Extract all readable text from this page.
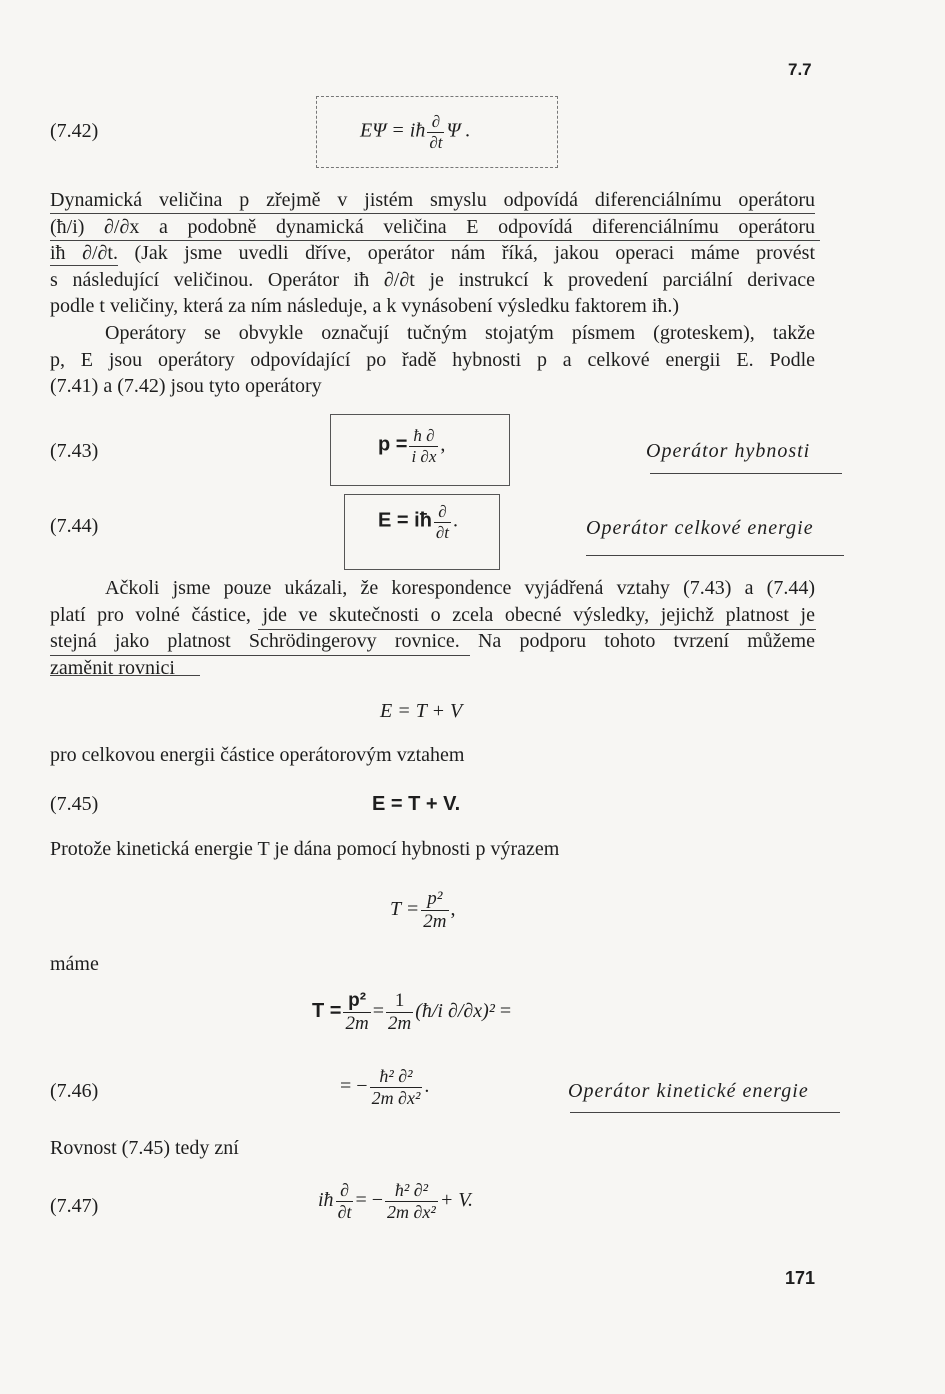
7.7
(7.42)	EΨ = iħ $\frac{\partial}{\partial t}$ Ψ .
Dynamická veličina p zřejmě v jistém smyslu odpovídá diferenciálnímu operátoru
(ħ/i) ∂/∂x a podobně dynamická veličina E odpovídá diferenciálnímu operátoru
iħ ∂/∂t. (Jak jsme uvedli dříve, operátor nám říká, jakou operaci máme provést
s následující veličinou. Operátor iħ ∂/∂t je instrukcí k provedení parciální derivace
podle t veličiny, která za ním následuje, a k vynásobení výsledku faktorem iħ.)
Operátory se obvykle označují tučným stojatým písmem (groteskem), takže
p, E jsou operátory odpovídající po řadě hybnosti p a celkové energii E. Podle
(7.41) a (7.42) jsou tyto operátory
(7.43)	$p = \frac{ħ \partial}{i \partial x}$ ,	Operátor hybnosti
(7.44)	E = iħ $\frac{\partial}{\partial t}$ .	Operátor celkové energie
Ačkoli jsme pouze ukázali, že korespondence vyjádřená vztahy (7.43) a (7.44)
platí pro volné částice, jde ve skutečnosti o zcela obecné výsledky, jejichž platnost je
stejná jako platnost Schrödingerovy rovnice. Na podporu tohoto tvrzení můžeme
zaměnit rovnici
E = T + V
pro celkovou energii částice operátorovým vztahem
(7.45)	E = T + V.
Protože kinetická energie T je dána pomocí hybnosti p výrazem
$T = \frac{\text{p²}}{2m}$ ,
máme
$T = \frac{\text{p²}}{2m} = \frac{1}{2m}$ (ħ/i ∂/∂x)² =
(7.46)	= − $\frac{\text{ħ² ∂²}}{\text{2m ∂x²}}$ .	Operátor kinetické energie
Rovnost (7.45) tedy zní
(7.47)	iħ $\frac{\partial}{\partial t}$ = − $\frac{\text{ħ² ∂²}}{\text{2m ∂x²}} + V$.
171
